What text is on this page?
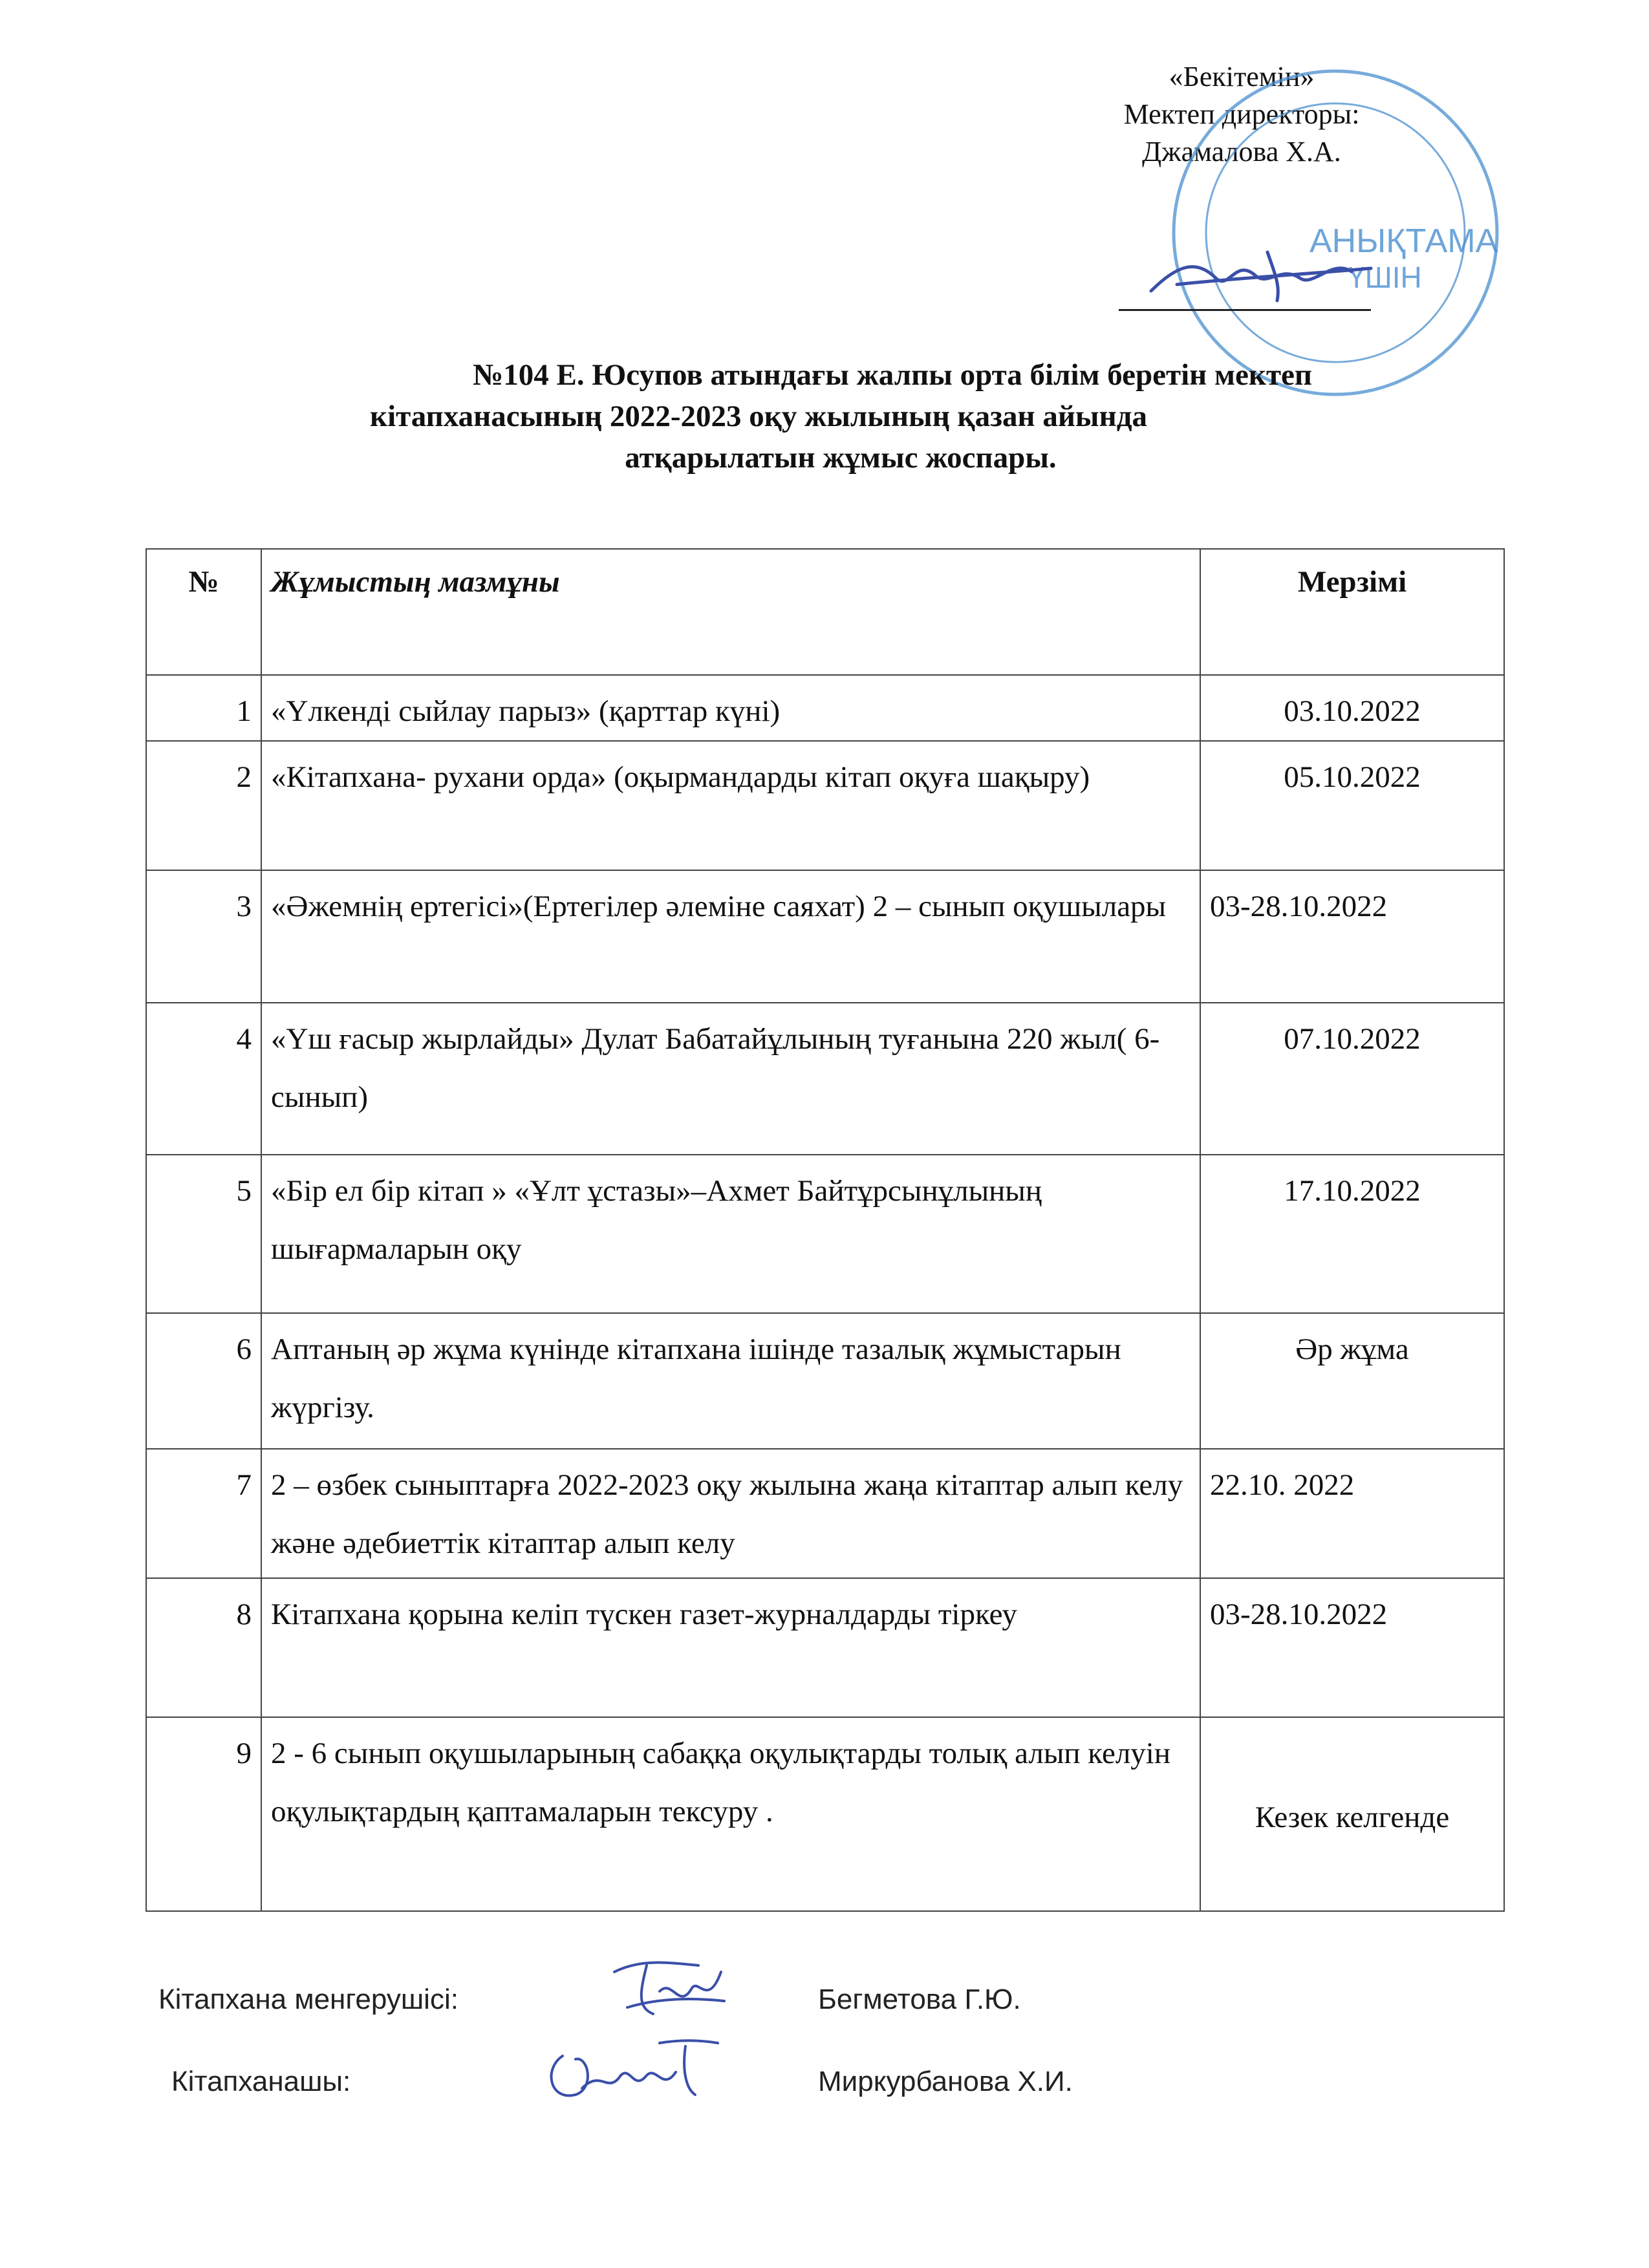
«Бекітемін»
Мектеп директоры:
Джамалова Х.А.
АНЫҚТАМА
ҮШІН
№104 Е. Юсупов атындағы жалпы орта білім беретін мектеп
кітапханасының 2022-2023 оқу жылының қазан айында
атқарылатын жұмыс жоспары.
№	Жұмыстың мазмұны	Мерзімі
1	«Үлкенді сыйлау парыз» (қарттар күні)	03.10.2022
2	«Кітапхана- рухани орда» (оқырмандарды кітап оқуға шақыру)	05.10.2022
3	«Әжемнің ертегісі»(Ертегілер әлеміне саяхат) 2 – сынып оқушылары	03-28.10.2022
4	«Үш ғасыр жырлайды» Дулат Бабатайұлының туғанына 220 жыл( 6- сынып)	07.10.2022
5	«Бір ел бір кітап » «Ұлт ұстазы»–Ахмет Байтұрсынұлының шығармаларын оқу	17.10.2022
6	Аптаның әр жұма күнінде кітапхана ішінде тазалық жұмыстарын жүргізу.	Әр жұма
7	2 – өзбек сыныптарға 2022-2023 оқу жылына жаңа кітаптар алып келу және әдебиеттік кітаптар алып келу	22.10. 2022
8	Кітапхана қорына келіп түскен газет-журналдарды тіркеу	03-28.10.2022
9	2 - 6 сынып оқушыларының сабаққа оқулықтарды толық алып келуін оқулықтардың қаптамаларын тексуру .	Кезек келгенде
Кітапхана менгерушісі:	Бегметова Г.Ю.
Кітапханашы:	Миркурбанова Х.И.
